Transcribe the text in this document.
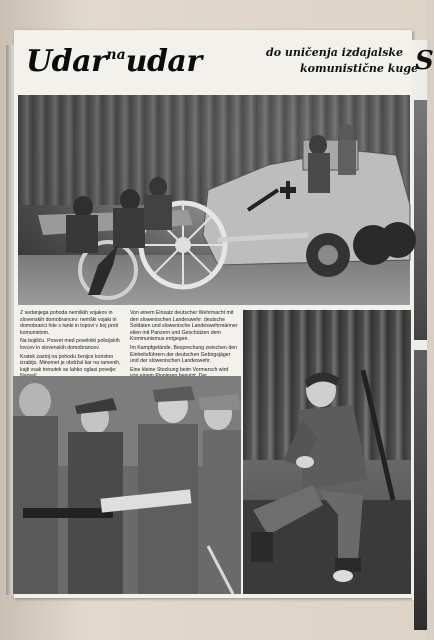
S
Udar$^{na}$udar	do uničenja izdajalske
komunistične kuge

Z sedanjega pohoda nemških vojakov in slovenskih domobrancev: nemški vojaki in domobranci hite s tanki in topovi v boj proti komunistom.

Na bojišču. Posvet med povelniki policijskih lovcev in slovenskih domobrancev.

Kratek zastoj na pohodu ženijce koristno izrabijo. Minomet je obdržal kar na ramenih, kajti vsak trenutek se lahko oglasi povelje:

Von einem Einsatz deutscher Wehrmacht mit den slowenischen Landeswehr: deutsche Soldaten und slowenische Landeswehrmänner eilen mit Panzern und Geschützen dem Kommunismus entgegen.

Im Kampfgelände. Besprechung zwischen den Einheitsführern der deutschen Gebirgsjäger und der slowenischen Landeswehr.

Eine kleine Stockung beim Vormarsch wird
